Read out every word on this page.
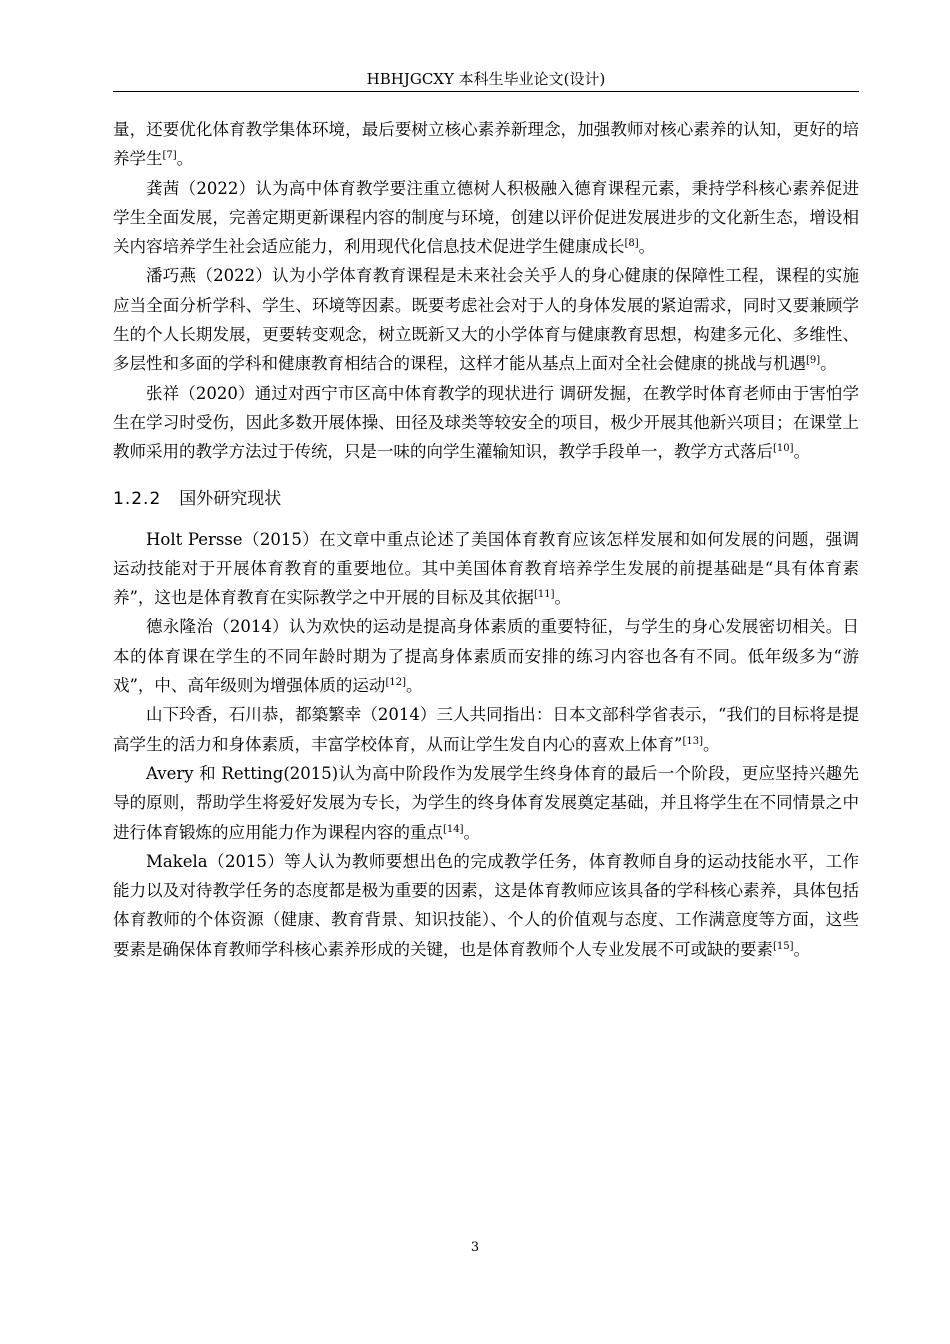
HBHJGCXY 本科生毕业论文(设计)

量，还要优化体育教学集体环境，最后要树立核心素养新理念，加强教师对核心素养的认知，更好的培养学生[7]。

龚茜（2022）认为高中体育教学要注重立德树人积极融入德育课程元素，秉持学科核心素养促进学生全面发展，完善定期更新课程内容的制度与环境，创建以评价促进发展进步的文化新生态，增设相关内容培养学生社会适应能力，利用现代化信息技术促进学生健康成长[8]。

潘巧燕（2022）认为小学体育教育课程是未来社会关乎人的身心健康的保障性工程，课程的实施应当全面分析学科、学生、环境等因素。既要考虑社会对于人的身体发展的紧迫需求，同时又要兼顾学生的个人长期发展，更要转变观念，树立既新又大的小学体育与健康教育思想，构建多元化、多维性、多层性和多面的学科和健康教育相结合的课程，这样才能从基点上面对全社会健康的挑战与机遇[9]。

张祥（2020）通过对西宁市区高中体育教学的现状进行 调研发掘，在教学时体育老师由于害怕学生在学习时受伤，因此多数开展体操、田径及球类等较安全的项目，极少开展其他新兴项目；在课堂上教师采用的教学方法过于传统，只是一味的向学生灌输知识，教学手段单一，教学方式落后[10]。

1.2.2 国外研究现状

Holt Persse（2015）在文章中重点论述了美国体育教育应该怎样发展和如何发展的问题，强调运动技能对于开展体育教育的重要地位。其中美国体育教育培养学生发展的前提基础是“具有体育素养”，这也是体育教育在实际教学之中开展的目标及其依据[11]。

德永隆治（2014）认为欢快的运动是提高身体素质的重要特征，与学生的身心发展密切相关。日本的体育课在学生的不同年龄时期为了提高身体素质而安排的练习内容也各有不同。低年级多为“游戏”，中、高年级则为增强体质的运动[12]。

山下玲香，石川恭，都築繁幸（2014）三人共同指出：日本文部科学省表示，“我们的目标将是提高学生的活力和身体素质，丰富学校体育，从而让学生发自内心的喜欢上体育”[13]。

Avery 和 Retting(2015)认为高中阶段作为发展学生终身体育的最后一个阶段，更应坚持兴趣先导的原则，帮助学生将爱好发展为专长，为学生的终身体育发展奠定基础，并且将学生在不同情景之中进行体育锻炼的应用能力作为课程内容的重点[14]。

Makela（2015）等人认为教师要想出色的完成教学任务，体育教师自身的运动技能水平，工作能力以及对待教学任务的态度都是极为重要的因素，这是体育教师应该具备的学科核心素养，具体包括体育教师的个体资源（健康、教育背景、知识技能）、个人的价值观与态度、工作满意度等方面，这些要素是确保体育教师学科核心素养形成的关键，也是体育教师个人专业发展不可或缺的要素[15]。

3
